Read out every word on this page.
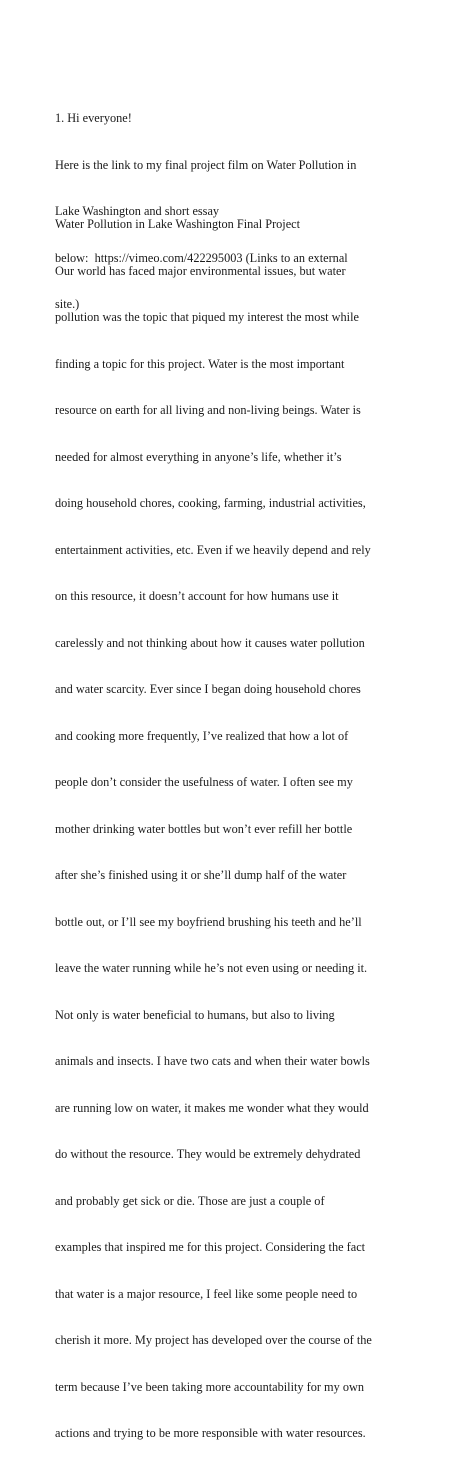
1. Hi everyone!

Here is the link to my final project film on Water Pollution in

Lake Washington and short essay

below:  https://vimeo.com/422295003 (Links to an external

site.)

Water Pollution in Lake Washington Final Project

Our world has faced major environmental issues, but water

pollution was the topic that piqued my interest the most while

finding a topic for this project. Water is the most important

resource on earth for all living and non-living beings. Water is

needed for almost everything in anyone’s life, whether it’s

doing household chores, cooking, farming, industrial activities,

entertainment activities, etc. Even if we heavily depend and rely

on this resource, it doesn’t account for how humans use it

carelessly and not thinking about how it causes water pollution

and water scarcity. Ever since I began doing household chores

and cooking more frequently, I’ve realized that how a lot of

people don’t consider the usefulness of water. I often see my

mother drinking water bottles but won’t ever refill her bottle

after she’s finished using it or she’ll dump half of the water

bottle out, or I’ll see my boyfriend brushing his teeth and he’ll

leave the water running while he’s not even using or needing it.

Not only is water beneficial to humans, but also to living

animals and insects. I have two cats and when their water bowls

are running low on water, it makes me wonder what they would

do without the resource. They would be extremely dehydrated

and probably get sick or die. Those are just a couple of

examples that inspired me for this project. Considering the fact

that water is a major resource, I feel like some people need to

cherish it more. My project has developed over the course of the

term because I’ve been taking more accountability for my own

actions and trying to be more responsible with water resources.
